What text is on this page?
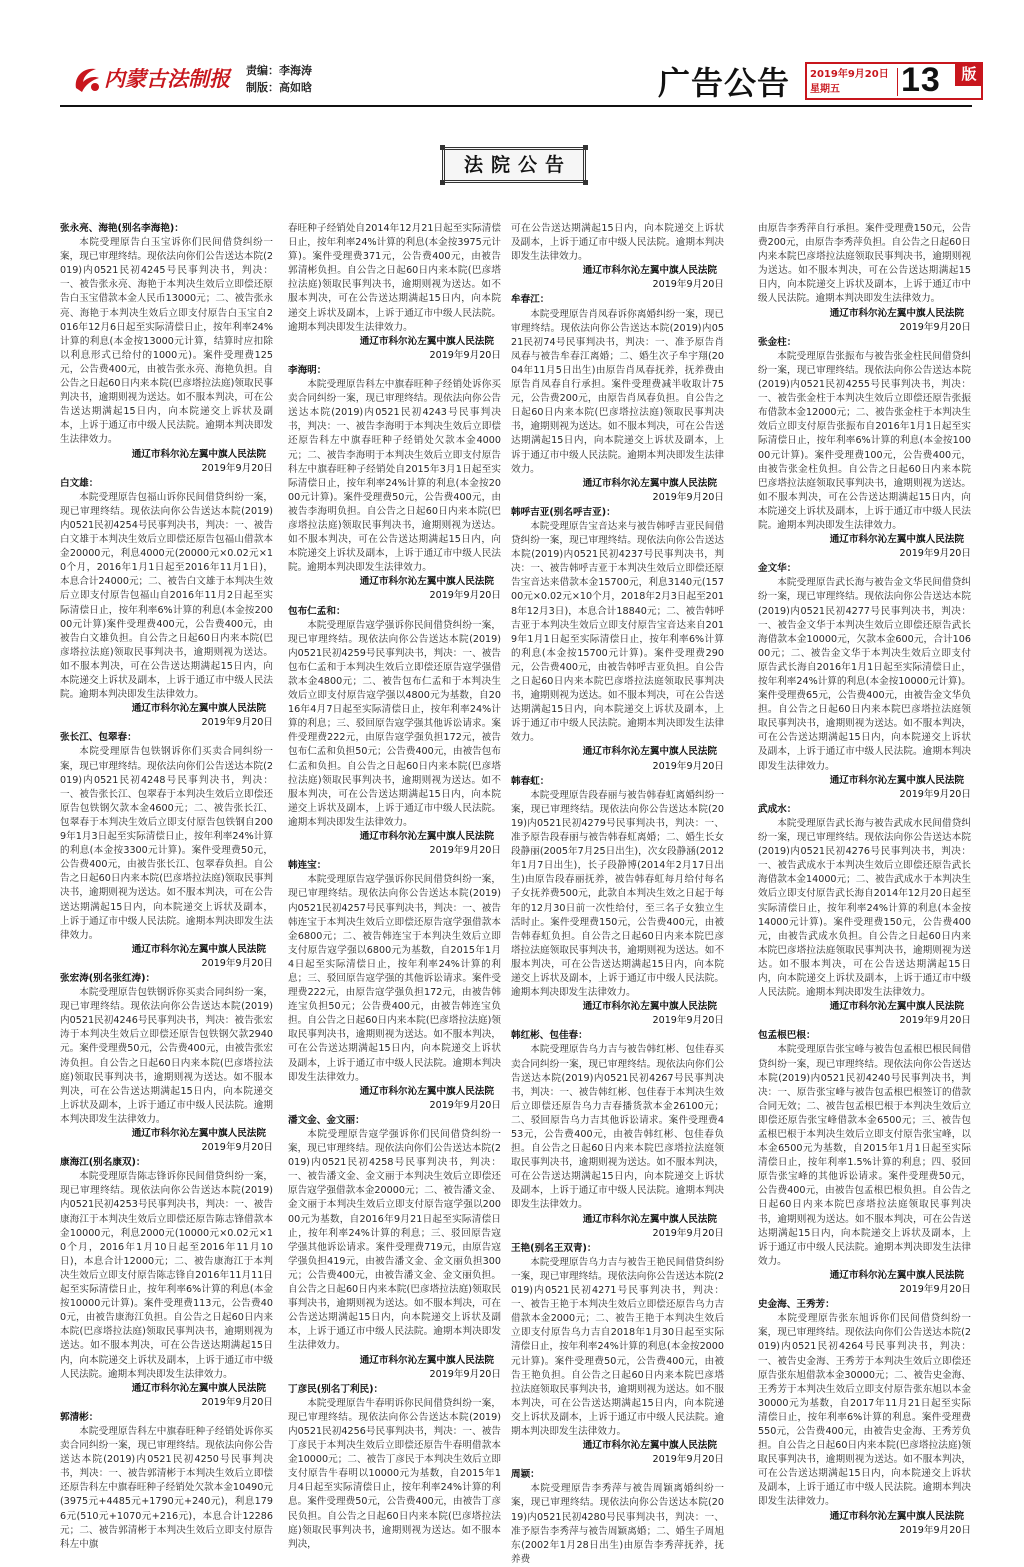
内蒙古法制报 责编：李海涛
制版：高如晗	广告公告 2019年9月20日
星期五	13	版
法院公告
张永亮、海艳(别名李海艳)：
本院受理原告白玉宝诉你们民间借贷纠纷一案，现已审理终结。现依法向你们公告送达本院(2019)内0521民初4245号民事判决书，判决：一、被告张永亮、海艳于本判决生效后立即偿还原告白玉宝借款本金人民币13000元；二、被告张永亮、海艳于本判决生效后立即支付原告白玉宝自2016年12月6日起至实际清偿日止，按年利率24%计算的利息(本金按13000元计算，结算时应扣除以利息形式已给付的1000元)。案件受理费125元，公告费400元，由被告张永亮、海艳负担。自公告之日起60日内来本院(巴彦塔拉法庭)领取民事判决书，逾期则视为送达。如不服本判决，可在公告送达期满起15日内，向本院递交上诉状及副本，上诉于通辽市中级人民法院。逾期本判决即发生法律效力。
通辽市科尔沁左翼中旗人民法院
2019年9月20日
白文雄：
本院受理原告包福山诉你民间借贷纠纷一案，现已审理终结。现依法向你公告送达本院(2019)内0521民初4254号民事判决书，判决：一、被告白文雄于本判决生效后立即偿还原告包福山借款本金20000元，利息4000元(20000元×0.02元×10个月，2016年1月1日起至2016年11月1日)，本息合计24000元；二、被告白文雄于本判决生效后立即支付原告包福山自2016年11月2日起至实际清偿日止，按年利率6%计算的利息(本金按20000元计算)案件受理费400元，公告费400元，由被告白文雄负担。自公告之日起60日内来本院(巴彦塔拉法庭)领取民事判决书，逾期则视为送达。如不服本判决，可在公告送达期满起15日内，向本院递交上诉状及副本，上诉于通辽市中级人民法院。逾期本判决即发生法律效力。
通辽市科尔沁左翼中旗人民法院
2019年9月20日
张长江、包翠春：
本院受理原告包铁钢诉你们买卖合同纠纷一案，现已审理终结。现依法向你们公告送达本院(2019)内0521民初4248号民事判决书，判决：一、被告张长江、包翠春于本判决生效后立即偿还原告包铁钢欠款本金4600元；二、被告张长江、包翠春于本判决生效后立即支付原告包铁钢自2009年1月3日起至实际清偿日止，按年利率24%计算的利息(本金按3300元计算)。案件受理费50元，公告费400元，由被告张长江、包翠春负担。自公告之日起60日内来本院(巴彦塔拉法庭)领取民事判决书，逾期则视为送达。如不服本判决，可在公告送达期满起15日内，向本院递交上诉状及副本，上诉于通辽市中级人民法院。逾期本判决即发生法律效力。
通辽市科尔沁左翼中旗人民法院
2019年9月20日
张宏涛(别名张红涛)：
本院受理原告包铁钢诉你买卖合同纠纷一案，现已审理终结。现依法向你公告送达本院(2019)内0521民初4246号民事判决书，判决：被告张宏涛于本判决生效后立即偿还原告包铁钢欠款2940元。案件受理费50元，公告费400元，由被告张宏涛负担。自公告之日起60日内来本院(巴彦塔拉法庭)领取民事判决书，逾期则视为送达。如不服本判决，可在公告送达期满起15日内，向本院递交上诉状及副本，上诉于通辽市中级人民法院。逾期本判决即发生法律效力。
通辽市科尔沁左翼中旗人民法院
2019年9月20日
康海江(别名康双)：
本院受理原告陈志锋诉你民间借贷纠纷一案，现已审理终结。现依法向你公告送达本院(2019)内0521民初4253号民事判决书，判决：一、被告康海江于本判决生效后立即偿还原告陈志锋借款本金10000元，利息2000元(10000元×0.02元×10个月，2016年1月10日起至2016年11月10日)，本息合计12000元；二、被告康海江于本判决生效后立即支付原告陈志锋自2016年11月11日起至实际清偿日止，按年利率6%计算的利息(本金按10000元计算)。案件受理费113元，公告费400元，由被告康海江负担。自公告之日起60日内来本院(巴彦塔拉法庭)领取民事判决书，逾期则视为送达。如不服本判决，可在公告送达期满起15日内，向本院递交上诉状及副本，上诉于通辽市中级人民法院。逾期本判决即发生法律效力。
通辽市科尔沁左翼中旗人民法院
2019年9月20日
郭清彬：
本院受理原告科左中旗春旺种子经销处诉你买卖合同纠纷一案，现已审理终结。现依法向你公告送达本院(2019)内0521民初4250号民事判决书，判决：一、被告郭清彬于本判决生效后立即偿还原告科左中旗春旺种子经销处欠款本金10490元(3975元+4485元+1790元+240元)，利息1796元(510元+1070元+216元)，本息合计12286元；二、被告郭清彬于本判决生效后立即支付原告科左中旗
春旺种子经销处自2014年12月21日起至实际清偿日止，按年利率24%计算的利息(本金按3975元计算)。案件受理费371元，公告费400元，由被告郭清彬负担。自公告之日起60日内来本院(巴彦塔拉法庭)领取民事判决书，逾期则视为送达。如不服本判决，可在公告送达期满起15日内，向本院递交上诉状及副本，上诉于通辽市中级人民法院。逾期本判决即发生法律效力。
通辽市科尔沁左翼中旗人民法院
2019年9月20日
李海明：
本院受理原告科左中旗春旺种子经销处诉你买卖合同纠纷一案，现已审理终结。现依法向你公告送达本院(2019)内0521民初4243号民事判决书，判决：一、被告李海明于本判决生效后立即偿还原告科左中旗春旺种子经销处欠款本金4000元；二、被告李海明于本判决生效后立即支付原告科左中旗春旺种子经销处自2015年3月1日起至实际清偿日止，按年利率24%计算的利息(本金按2000元计算)。案件受理费50元，公告费400元，由被告李海明负担。自公告之日起60日内来本院(巴彦塔拉法庭)领取民事判决书，逾期则视为送达。如不服本判决，可在公告送达期满起15日内，向本院递交上诉状及副本，上诉于通辽市中级人民法院。逾期本判决即发生法律效力。
通辽市科尔沁左翼中旗人民法院
2019年9月20日
包布仁孟和：
本院受理原告寇学强诉你民间借贷纠纷一案，现已审理终结。现依法向你公告送达本院(2019)内0521民初4259号民事判决书，判决：一、被告包布仁孟和于本判决生效后立即偿还原告寇学强借款本金4800元；二、被告包布仁孟和于本判决生效后立即支付原告寇学强以4800元为基数，自2016年4月7日起至实际清偿日止，按年利率24%计算的利息；三、驳回原告寇学强其他诉讼请求。案件受理费222元，由原告寇学强负担172元，被告包布仁孟和负担50元；公告费400元，由被告包布仁孟和负担。自公告之日起60日内来本院(巴彦塔拉法庭)领取民事判决书，逾期则视为送达。如不服本判决，可在公告送达期满起15日内，向本院递交上诉状及副本，上诉于通辽市中级人民法院。逾期本判决即发生法律效力。
通辽市科尔沁左翼中旗人民法院
2019年9月20日
韩连宝：
本院受理原告寇学强诉你民间借贷纠纷一案，现已审理终结。现依法向你公告送达本院(2019)内0521民初4257号民事判决书，判决：一、被告韩连宝于本判决生效后立即偿还原告寇学强借款本金6800元；二、被告韩连宝于本判决生效后立即支付原告寇学强以6800元为基数，自2015年1月4日起至实际清偿日止，按年利率24%计算的利息；三、驳回原告寇学强的其他诉讼请求。案件受理费222元，由原告寇学强负担172元，由被告韩连宝负担50元；公告费400元，由被告韩连宝负担。自公告之日起60日内来本院(巴彦塔拉法庭)领取民事判决书，逾期则视为送达。如不服本判决，可在公告送达期满起15日内，向本院递交上诉状及副本，上诉于通辽市中级人民法院。逾期本判决即发生法律效力。
通辽市科尔沁左翼中旗人民法院
2019年9月20日
潘文金、金文丽：
本院受理原告寇学强诉你们民间借贷纠纷一案，现已审理终结。现依法向你们公告送达本院(2019)内0521民初4258号民事判决书，判决：一、被告潘文金、金文丽于本判决生效后立即偿还原告寇学强借款本金20000元；二、被告潘文金、金文丽于本判决生效后立即支付原告寇学强以20000元为基数，自2016年9月21日起至实际清偿日止，按年利率24%计算的利息；三、驳回原告寇学强其他诉讼请求。案件受理费719元，由原告寇学强负担419元，由被告潘文金、金文丽负担300元；公告费400元，由被告潘文金、金文丽负担。自公告之日起60日内来本院(巴彦塔拉法庭)领取民事判决书，逾期则视为送达。如不服本判决，可在公告送达期满起15日内，向本院递交上诉状及副本，上诉于通辽市中级人民法院。逾期本判决即发生法律效力。
通辽市科尔沁左翼中旗人民法院
2019年9月20日
丁彦民(别名丁利民)：
本院受理原告牛春明诉你民间借贷纠纷一案，现已审理终结。现依法向你公告送达本院(2019)内0521民初4256号民事判决书，判决：一、被告丁彦民于本判决生效后立即偿还原告牛春明借款本金10000元；二、被告丁彦民于本判决生效后立即支付原告牛春明以10000元为基数，自2015年1月4日起至实际清偿日止，按年利率24%计算的利息。案件受理费50元，公告费400元，由被告丁彦民负担。自公告之日起60日内来本院(巴彦塔拉法庭)领取民事判决书，逾期则视为送达。如不服本判决，
可在公告送达期满起15日内，向本院递交上诉状及副本，上诉于通辽市中级人民法院。逾期本判决即发生法律效力。
通辽市科尔沁左翼中旗人民法院
2019年9月20日
牟春江：
本院受理原告肖凤春诉你离婚纠纷一案，现已审理终结。现依法向你公告送达本院(2019)内0521民初74号民事判决书，判决：一、准予原告肖凤春与被告牟春江离婚；二、婚生次子牟宇翔(2004年11月5日出生)由原告肖凤春抚养，抚养费由原告肖凤春自行承担。案件受理费减半收取计75元，公告费200元，由原告肖凤春负担。自公告之日起60日内来本院(巴彦塔拉法庭)领取民事判决书，逾期则视为送达。如不服本判决，可在公告送达期满起15日内，向本院递交上诉状及副本，上诉于通辽市中级人民法院。逾期本判决即发生法律效力。
通辽市科尔沁左翼中旗人民法院
2019年9月20日
韩呼吉亚(别名呼吉亚)：
本院受理原告宝音达来与被告韩呼吉亚民间借贷纠纷一案，现已审理终结。现依法向你公告送达本院(2019)内0521民初4237号民事判决书，判决：一、被告韩呼吉亚于本判决生效后立即偿还原告宝音达来借款本金15700元，利息3140元(15700元×0.02元×10个月，2018年2月3日起至2018年12月3日)，本息合计18840元；二、被告韩呼吉亚于本判决生效后立即支付原告宝音达来自2019年1月1日起至实际清偿日止，按年利率6%计算的利息(本金按15700元计算)。案件受理费290元，公告费400元，由被告韩呼吉亚负担。自公告之日起60日内来本院巴彦塔拉法庭领取民事判决书，逾期则视为送达。如不服本判决，可在公告送达期满起15日内，向本院递交上诉状及副本，上诉于通辽市中级人民法院。逾期本判决即发生法律效力。
通辽市科尔沁左翼中旗人民法院
2019年9月20日
韩春虹：
本院受理原告段春丽与被告韩春虹离婚纠纷一案，现已审理终结。现依法向你公告送达本院(2019)内0521民初4279号民事判决书，判决：一、准予原告段春丽与被告韩春虹离婚；二、婚生长女段静丽(2005年7月25日出生)，次女段静涵(2012年1月7日出生)，长子段静博(2014年2月17日出生)由原告段春丽抚养，被告韩春虹每月给付每名子女抚养费500元，此款自本判决生效之日起于每年的12月30日前一次性给付，至三名子女独立生活时止。案件受理费150元，公告费400元，由被告韩春虹负担。自公告之日起60日内来本院巴彦塔拉法庭领取民事判决书，逾期则视为送达。如不服本判决，可在公告送达期满起15日内，向本院递交上诉状及副本，上诉于通辽市中级人民法院。逾期本判决即发生法律效力。
通辽市科尔沁左翼中旗人民法院
2019年9月20日
韩红彬、包佳春：
本院受理原告乌力吉与被告韩红彬、包佳春买卖合同纠纷一案，现已审理终结。现依法向你们公告送达本院(2019)内0521民初4267号民事判决书，判决：一、被告韩红彬、包佳春于本判决生效后立即偿还原告乌力吉春播货款本金26100元；二、驳回原告乌力吉其他诉讼请求。案件受理费453元，公告费400元，由被告韩红彬、包佳春负担。自公告之日起60日内来本院巴彦塔拉法庭领取民事判决书，逾期则视为送达。如不服本判决，可在公告送达期满起15日内，向本院递交上诉状及副本，上诉于通辽市中级人民法院。逾期本判决即发生法律效力。
通辽市科尔沁左翼中旗人民法院
2019年9月20日
王艳(别名王双青)：
本院受理原告乌力吉与被告王艳民间借贷纠纷一案，现已审理终结。现依法向你公告送达本院(2019)内0521民初4271号民事判决书，判决：一、被告王艳于本判决生效后立即偿还原告乌力吉借款本金2000元；二、被告王艳于本判决生效后立即支付原告乌力吉自2018年1月30日起至实际清偿日止，按年利率24%计算的利息(本金按2000元计算)。案件受理费50元，公告费400元，由被告王艳负担。自公告之日起60日内来本院巴彦塔拉法庭领取民事判决书，逾期则视为送达。如不服本判决，可在公告送达期满起15日内，向本院递交上诉状及副本，上诉于通辽市中级人民法院。逾期本判决即发生法律效力。
通辽市科尔沁左翼中旗人民法院
2019年9月20日
周颖：
本院受理原告李秀萍与被告周颖离婚纠纷一案，现已审理终结。现依法向你公告送达本院(2019)内0521民初4280号民事判决书，判决：一、准予原告李秀萍与被告周颖离婚；二、婚生子周旭东(2002年1月28日出生)由原告李秀萍抚养，抚养费
由原告李秀萍自行承担。案件受理费150元，公告费200元，由原告李秀萍负担。自公告之日起60日内来本院巴彦塔拉法庭领取民事判决书，逾期则视为送达。如不服本判决，可在公告送达期满起15日内，向本院递交上诉状及副本，上诉于通辽市中级人民法院。逾期本判决即发生法律效力。
通辽市科尔沁左翼中旗人民法院
2019年9月20日
张金柱：
本院受理原告张振布与被告张金柱民间借贷纠纷一案，现已审理终结。现依法向你公告送达本院(2019)内0521民初4255号民事判决书，判决：一、被告张金柱于本判决生效后立即偿还原告张振布借款本金12000元；二、被告张金柱于本判决生效后立即支付原告张振布自2016年1月1日起至实际清偿日止，按年利率6%计算的利息(本金按10000元计算)。案件受理费100元，公告费400元，由被告张金柱负担。自公告之日起60日内来本院巴彦塔拉法庭领取民事判决书，逾期则视为送达。如不服本判决，可在公告送达期满起15日内，向本院递交上诉状及副本，上诉于通辽市中级人民法院。逾期本判决即发生法律效力。
通辽市科尔沁左翼中旗人民法院
2019年9月20日
金文华：
本院受理原告武长海与被告金文华民间借贷纠纷一案，现已审理终结。现依法向你公告送达本院(2019)内0521民初4277号民事判决书，判决：一、被告金文华于本判决生效后立即偿还原告武长海借款本金10000元，欠款本金600元，合计10600元；二、被告金文华于本判决生效后立即支付原告武长海自2016年1月1日起至实际清偿日止，按年利率24%计算的利息(本金按10000元计算)。案件受理费65元，公告费400元，由被告金文华负担。自公告之日起60日内来本院巴彦塔拉法庭领取民事判决书，逾期则视为送达。如不服本判决，可在公告送达期满起15日内，向本院递交上诉状及副本，上诉于通辽市中级人民法院。逾期本判决即发生法律效力。
通辽市科尔沁左翼中旗人民法院
2019年9月20日
武成水：
本院受理原告武长海与被告武成水民间借贷纠纷一案，现已审理终结。现依法向你公告送达本院(2019)内0521民初4276号民事判决书，判决：一、被告武成水于本判决生效后立即偿还原告武长海借款本金14000元；二、被告武成水于本判决生效后立即支付原告武长海自2014年12月20日起至实际清偿日止，按年利率24%计算的利息(本金按14000元计算)。案件受理费150元，公告费400元，由被告武成水负担。自公告之日起60日内来本院巴彦塔拉法庭领取民事判决书，逾期则视为送达。如不服本判决，可在公告送达期满起15日内，向本院递交上诉状及副本，上诉于通辽市中级人民法院。逾期本判决即发生法律效力。
通辽市科尔沁左翼中旗人民法院
2019年9月20日
包孟根巴根：
本院受理原告张宝峰与被告包孟根巴根民间借贷纠纷一案，现已审理终结。现依法向你公告送达本院(2019)内0521民初4240号民事判决书，判决：一、原告张宝峰与被告包孟根巴根签订的借款合同无效；二、被告包孟根巴根于本判决生效后立即偿还原告张宝峰借款本金6500元；三、被告包孟根巴根于本判决生效后立即支付原告张宝峰，以本金6500元为基数，自2015年1月1日起至实际清偿日止，按年利率1.5%计算的利息；四、驳回原告张宝峰的其他诉讼请求。案件受理费50元，公告费400元，由被告包孟根巴根负担。自公告之日起60日内来本院巴彦塔拉法庭领取民事判决书，逾期则视为送达。如不服本判决，可在公告送达期满起15日内，向本院递交上诉状及副本，上诉于通辽市中级人民法院。逾期本判决即发生法律效力。
通辽市科尔沁左翼中旗人民法院
2019年9月20日
史金海、王秀芳：
本院受理原告张东旭诉你们民间借贷纠纷一案，现已审理终结。现依法向你们公告送达本院(2019)内0521民初4264号民事判决书，判决：一、被告史金海、王秀芳于本判决生效后立即偿还原告张东旭借款本金30000元；二、被告史金海、王秀芳于本判决生效后立即支付原告张东旭以本金30000元为基数，自2017年11月21日起至实际清偿日止，按年利率6%计算的利息。案件受理费550元，公告费400元，由被告史金海、王秀芳负担。自公告之日起60日内来本院(巴彦塔拉法庭)领取民事判决书，逾期则视为送达。如不服本判决，可在公告送达期满起15日内，向本院递交上诉状及副本，上诉于通辽市中级人民法院。逾期本判决即发生法律效力。
通辽市科尔沁左翼中旗人民法院
2019年9月20日
